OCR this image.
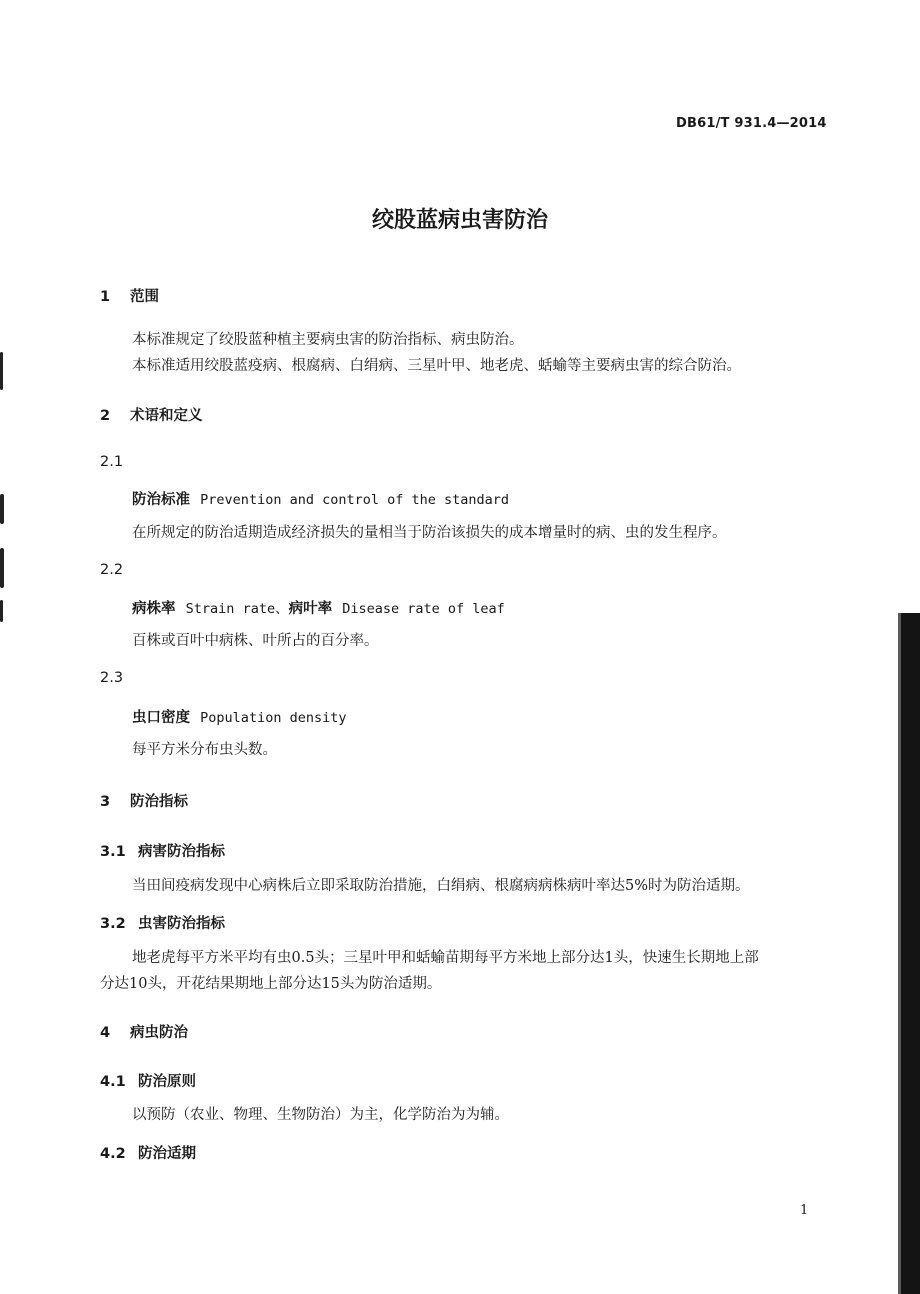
DB61/T 931.4—2014
绞股蓝病虫害防治
1 范围
本标准规定了绞股蓝种植主要病虫害的防治指标、病虫防治。
本标准适用绞股蓝疫病、根腐病、白绢病、三星叶甲、地老虎、蛞蝓等主要病虫害的综合防治。
2 术语和定义
2.1
防治标准 Prevention and control of the standard
在所规定的防治适期造成经济损失的量相当于防治该损失的成本增量时的病、虫的发生程序。
2.2
病株率 Strain rate、病叶率 Disease rate of leaf
百株或百叶中病株、叶所占的百分率。
2.3
虫口密度 Population density
每平方米分布虫头数。
3 防治指标
3.1 病害防治指标
当田间疫病发现中心病株后立即采取防治措施，白绢病、根腐病病株病叶率达5%时为防治适期。
3.2 虫害防治指标
地老虎每平方米平均有虫0.5头；三星叶甲和蛞蝓苗期每平方米地上部分达1头，快速生长期地上部
分达10头，开花结果期地上部分达15头为防治适期。
4 病虫防治
4.1 防治原则
以预防（农业、物理、生物防治）为主，化学防治为为辅。
4.2 防治适期
1
